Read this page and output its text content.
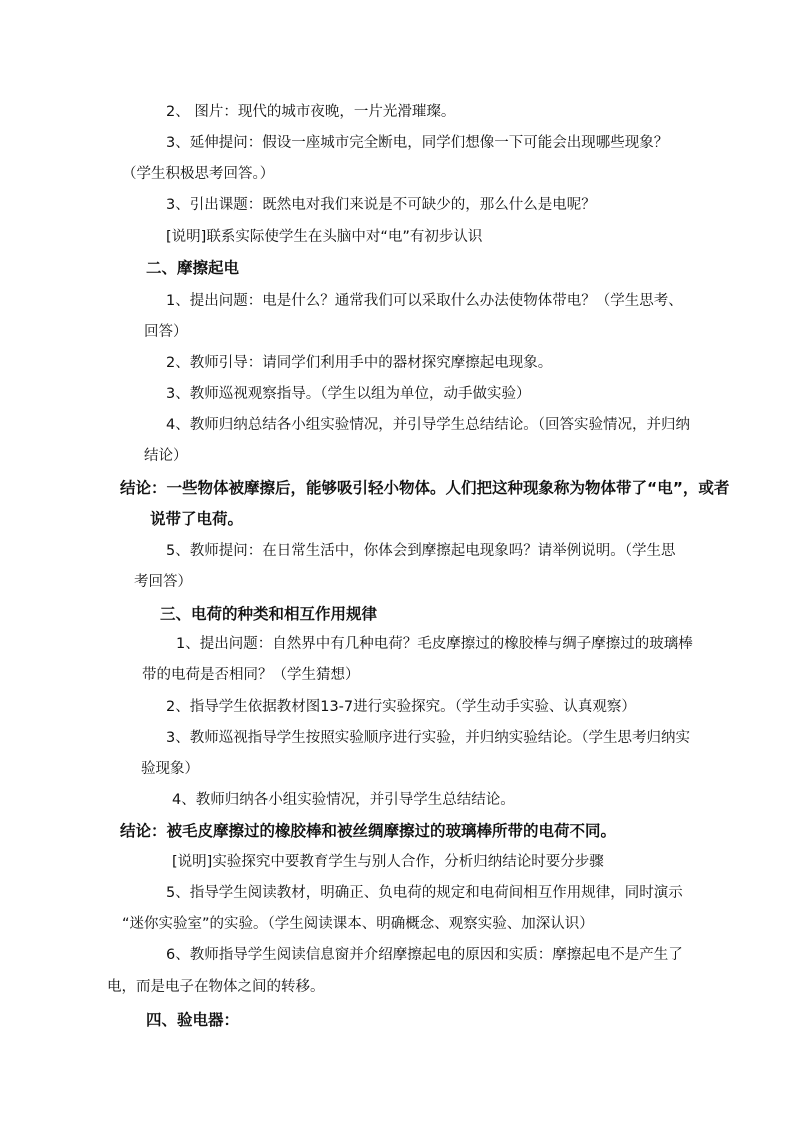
2、 图片：现代的城市夜晚，一片光滑璀璨。
3、延伸提问：假设一座城市完全断电，同学们想像一下可能会出现哪些现象？
（学生积极思考回答。）
3、引出课题：既然电对我们来说是不可缺少的，那么什么是电呢？
[说明]联系实际使学生在头脑中对“电”有初步认识
二、摩擦起电
1、提出问题：电是什么？通常我们可以采取什么办法使物体带电？（学生思考、
回答）
2、教师引导：请同学们利用手中的器材探究摩擦起电现象。
3、教师巡视观察指导。（学生以组为单位，动手做实验）
4、教师归纳总结各小组实验情况，并引导学生总结结论。（回答实验情况，并归纳
结论）
结论：一些物体被摩擦后，能够吸引轻小物体。人们把这种现象称为物体带了“电”，或者
说带了电荷。
5、教师提问：在日常生活中，你体会到摩擦起电现象吗？请举例说明。（学生思
考回答）
三、电荷的种类和相互作用规律
1、提出问题：自然界中有几种电荷？毛皮摩擦过的橡胶棒与绸子摩擦过的玻璃棒
带的电荷是否相同？（学生猜想）
2、指导学生依据教材图13-7进行实验探究。（学生动手实验、认真观察）
3、教师巡视指导学生按照实验顺序进行实验，并归纳实验结论。（学生思考归纳实
验现象）
4、教师归纳各小组实验情况，并引导学生总结结论。
结论：被毛皮摩擦过的橡胶棒和被丝绸摩擦过的玻璃棒所带的电荷不同。
[说明]实验探究中要教育学生与别人合作，分析归纳结论时要分步骤
5、指导学生阅读教材，明确正、负电荷的规定和电荷间相互作用规律，同时演示
“迷你实验室”的实验。（学生阅读课本、明确概念、观察实验、加深认识）
6、教师指导学生阅读信息窗并介绍摩擦起电的原因和实质：摩擦起电不是产生了
电，而是电子在物体之间的转移。
四、验电器：
